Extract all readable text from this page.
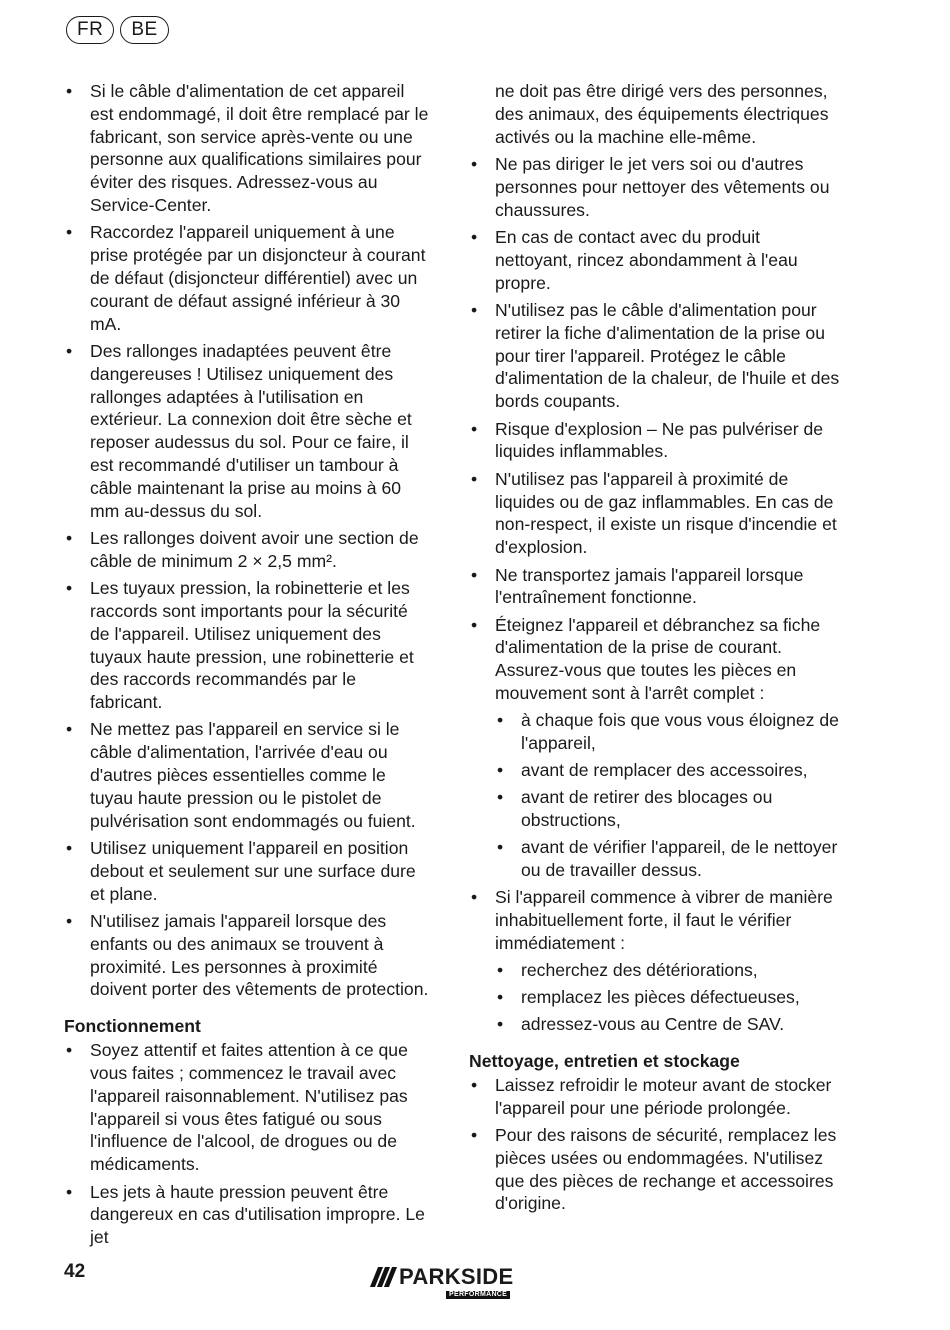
FR	BE
• Si le câble d'alimentation de cet appareil est endommagé, il doit être remplacé par le fabricant, son service après-vente ou une personne aux qualifications similaires pour éviter des risques. Adressez-vous au Service-Center.
• Raccordez l'appareil uniquement à une prise protégée par un disjoncteur à courant de défaut (disjoncteur différentiel) avec un courant de défaut assigné inférieur à 30 mA.
• Des rallonges inadaptées peuvent être dangereuses ! Utilisez uniquement des rallonges adaptées à l'utilisation en extérieur. La connexion doit être sèche et reposer audessus du sol. Pour ce faire, il est recommandé d'utiliser un tambour à câble maintenant la prise au moins à 60 mm au-dessus du sol.
• Les rallonges doivent avoir une section de câble de minimum 2 × 2,5 mm².
• Les tuyaux pression, la robinetterie et les raccords sont importants pour la sécurité de l'appareil. Utilisez uniquement des tuyaux haute pression, une robinetterie et des raccords recommandés par le fabricant.
• Ne mettez pas l'appareil en service si le câble d'alimentation, l'arrivée d'eau ou d'autres pièces essentielles comme le tuyau haute pression ou le pistolet de pulvérisation sont endommagés ou fuient.
• Utilisez uniquement l'appareil en position debout et seulement sur une surface dure et plane.
• N'utilisez jamais l'appareil lorsque des enfants ou des animaux se trouvent à proximité. Les personnes à proximité doivent porter des vêtements de protection.
Fonctionnement
• Soyez attentif et faites attention à ce que vous faites ; commencez le travail avec l'appareil raisonnablement. N'utilisez pas l'appareil si vous êtes fatigué ou sous l'influence de l'alcool, de drogues ou de médicaments.
• Les jets à haute pression peuvent être dangereux en cas d'utilisation impropre. Le jet
ne doit pas être dirigé vers des personnes, des animaux, des équipements électriques activés ou la machine elle-même.
• Ne pas diriger le jet vers soi ou d'autres personnes pour nettoyer des vêtements ou chaussures.
• En cas de contact avec du produit nettoyant, rincez abondamment à l'eau propre.
• N'utilisez pas le câble d'alimentation pour retirer la fiche d'alimentation de la prise ou pour tirer l'appareil. Protégez le câble d'alimentation de la chaleur, de l'huile et des bords coupants.
• Risque d'explosion – Ne pas pulvériser de liquides inflammables.
• N'utilisez pas l'appareil à proximité de liquides ou de gaz inflammables. En cas de non-respect, il existe un risque d'incendie et d'explosion.
• Ne transportez jamais l'appareil lorsque l'entraînement fonctionne.
• Éteignez l'appareil et débranchez sa fiche d'alimentation de la prise de courant. Assurez-vous que toutes les pièces en mouvement sont à l'arrêt complet :
• à chaque fois que vous vous éloignez de l'appareil,
• avant de remplacer des accessoires,
• avant de retirer des blocages ou obstructions,
• avant de vérifier l'appareil, de le nettoyer ou de travailler dessus.
• Si l'appareil commence à vibrer de manière inhabituellement forte, il faut le vérifier immédiatement :
• recherchez des détériorations,
• remplacez les pièces défectueuses,
• adressez-vous au Centre de SAV.
Nettoyage, entretien et stockage
• Laissez refroidir le moteur avant de stocker l'appareil pour une période prolongée.
• Pour des raisons de sécurité, remplacez les pièces usées ou endommagées. N'utilisez que des pièces de rechange et accessoires d'origine.
42	PARKSIDE
PERFORMANCE
